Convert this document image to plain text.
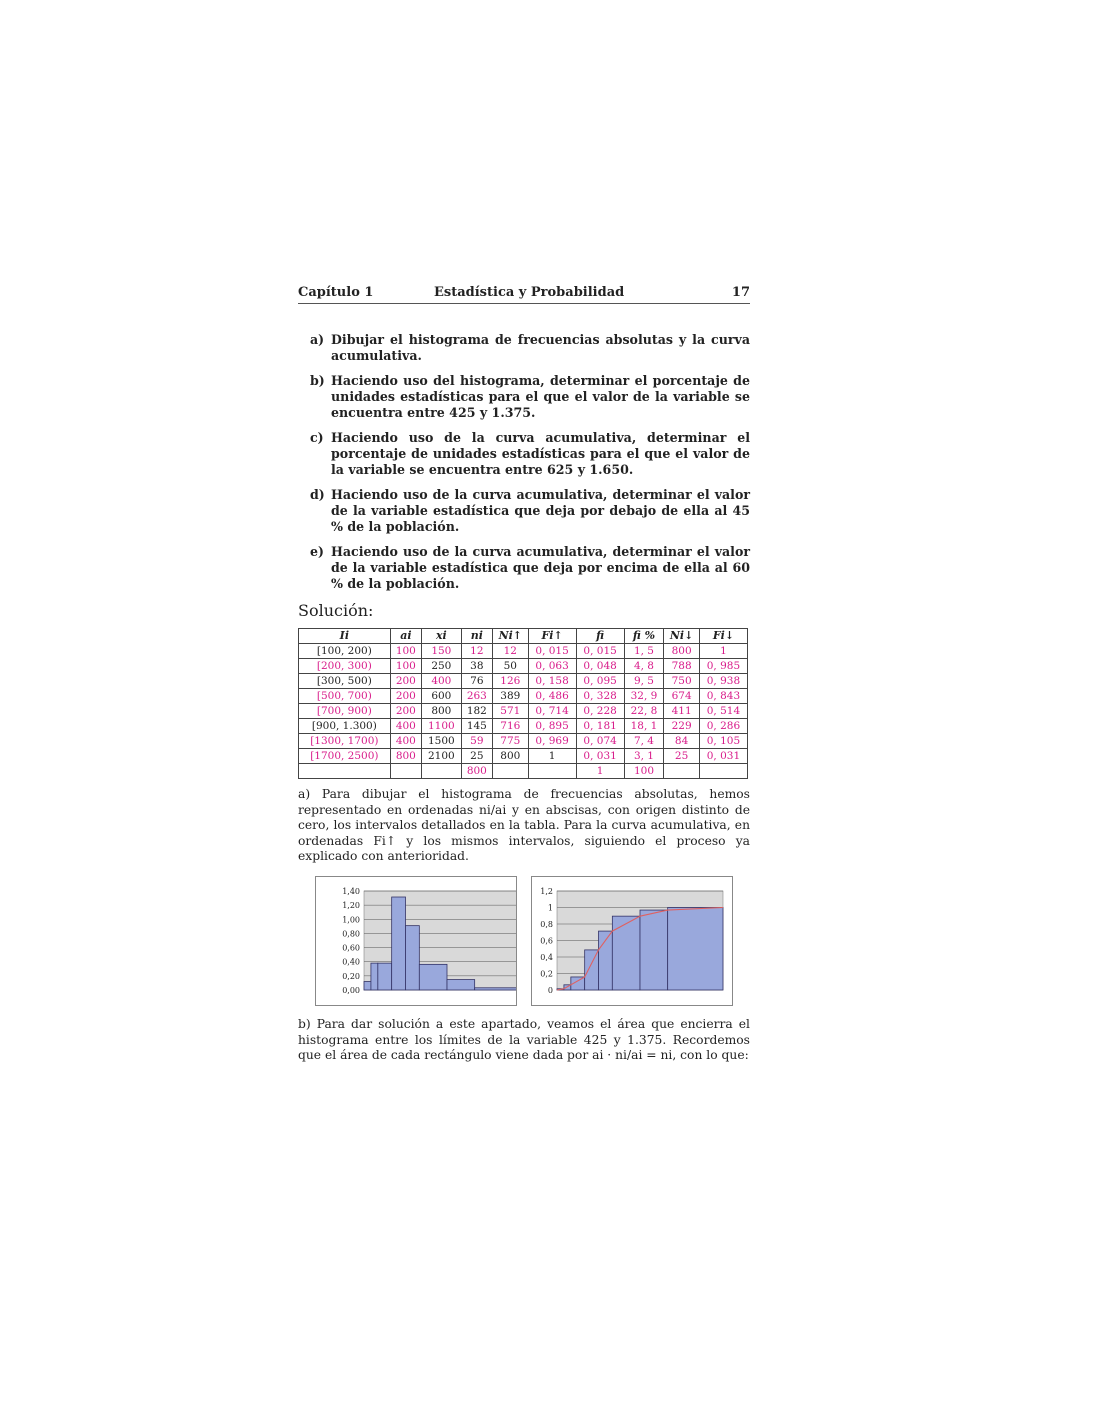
Capítulo 1	Estadística y Probabilidad	17
a) Dibujar el histograma de frecuencias absolutas y la curva acumulativa.
b) Haciendo uso del histograma, determinar el porcentaje de unidades estadísticas para el que el valor de la variable se encuentra entre 425 y 1.375.
c) Haciendo uso de la curva acumulativa, determinar el porcentaje de unidades estadísticas para el que el valor de la variable se encuentra entre 625 y 1.650.
d) Haciendo uso de la curva acumulativa, determinar el valor de la variable estadística que deja por debajo de ella al 45 % de la población.
e) Haciendo uso de la curva acumulativa, determinar el valor de la variable estadística que deja por encima de ella al 60 % de la población.
Solución:
Ii	ai	xi	ni	Ni↑	Fi↑	fi	fi %	Ni↓	Fi↓
[100, 200)	100	150	12	12	0, 015	0, 015	1, 5	800	1
[200, 300)	100	250	38	50	0, 063	0, 048	4, 8	788	0, 985
[300, 500)	200	400	76	126	0, 158	0, 095	9, 5	750	0, 938
[500, 700)	200	600	263	389	0, 486	0, 328	32, 9	674	0, 843
[700, 900)	200	800	182	571	0, 714	0, 228	22, 8	411	0, 514
[900, 1.300)	400	1100	145	716	0, 895	0, 181	18, 1	229	0, 286
[1300, 1700)	400	1500	59	775	0, 969	0, 074	7, 4	84	0, 105
[1700, 2500)	800	2100	25	800	1	0, 031	3, 1	25	0, 031
			800			1	100		
a) Para dibujar el histograma de frecuencias absolutas, hemos representado en ordenadas ni/ai y en abscisas, con origen distinto de cero, los intervalos detallados en la tabla. Para la curva acumulativa, en ordenadas Fi↑ y los mismos intervalos, siguiendo el proceso ya explicado con anterioridad.
0,00
0,20
0,40
0,60
0,80
1,00
1,20
1,40
0
0,2
0,4
0,6
0,8
1
1,2
b) Para dar solución a este apartado, veamos el área que encierra el histograma entre los límites de la variable 425 y 1.375. Recordemos que el área de cada rectángulo viene dada por ai · ni/ai = ni, con lo que:
